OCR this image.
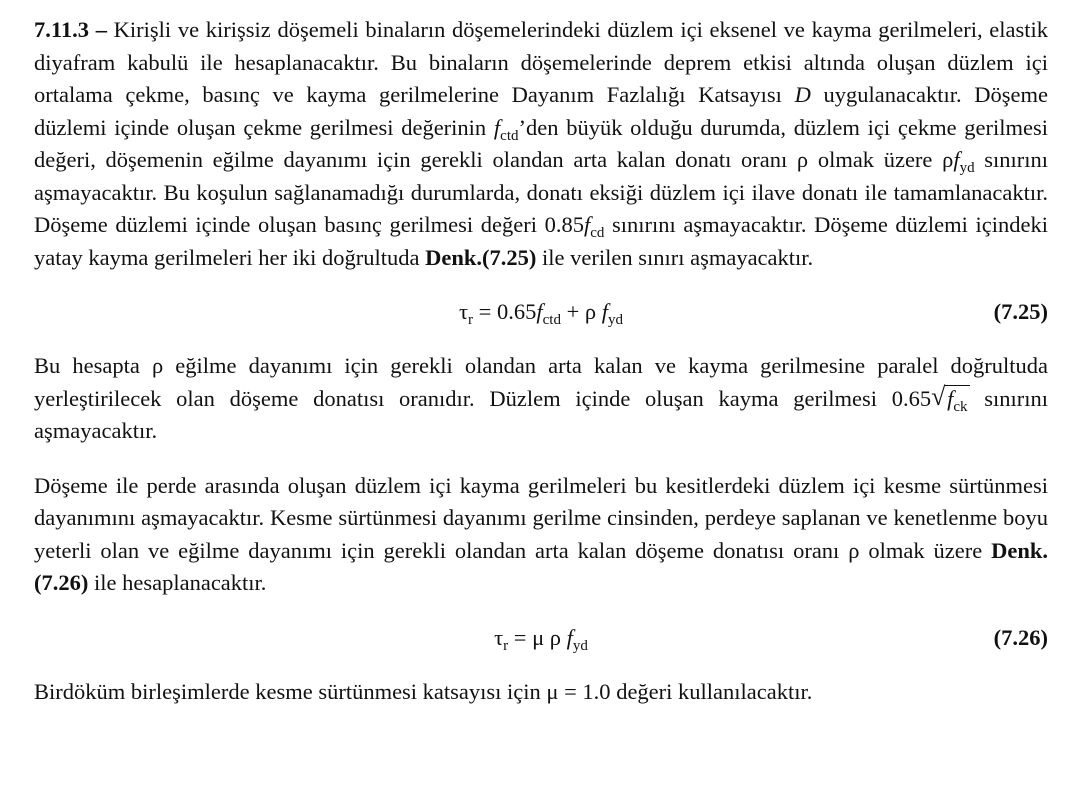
7.11.3 – Kirişli ve kirişsiz döşemeli binaların döşemelerindeki düzlem içi eksenel ve kayma gerilmeleri, elastik diyafram kabulü ile hesaplanacaktır. Bu binaların döşemelerinde deprem etkisi altında oluşan düzlem içi ortalama çekme, basınç ve kayma gerilmelerine Dayanım Fazlalığı Katsayısı D uygulanacaktır. Döşeme düzlemi içinde oluşan çekme gerilmesi değerinin $f_{ctd}’den$ büyük olduğu durumda, düzlem içi çekme gerilmesi değeri, döşemenin eğilme dayanımı için gerekli olandan arta kalan donatı oranı ρ olmak üzere $\rho f_{yd}$ sınırını aşmayacaktır. Bu koşulun sağlanamadığı durumlarda, donatı eksiği düzlem içi ilave donatı ile tamamlanacaktır. Döşeme düzlemi içinde oluşan basınç gerilmesi değeri $0.85f_{cd}$ sınırını aşmayacaktır. Döşeme düzlemi içindeki yatay kayma gerilmeleri her iki doğrultuda Denk.(7.25) ile verilen sınırı aşmayacaktır.

$\tau_r = 0.65f_{ctd} + \rho$ $f_{yd}$	(7.25)

Bu hesapta ρ eğilme dayanımı için gerekli olandan arta kalan ve kayma gerilmesine paralel doğrultuda yerleştirilecek olan döşeme donatısı oranıdır. Düzlem içinde oluşan kayma gerilmesi 0.65 √ $f_{ck}$ sınırını aşmayacaktır.

Döşeme ile perde arasında oluşan düzlem içi kayma gerilmeleri bu kesitlerdeki düzlem içi kesme sürtünmesi dayanımını aşmayacaktır. Kesme sürtünmesi dayanımı gerilme cinsinden, perdeye saplanan ve kenetlenme boyu yeterli olan ve eğilme dayanımı için gerekli olandan arta kalan döşeme donatısı oranı ρ olmak üzere Denk.(7.26) ile hesaplanacaktır.

$\tau_r = \mu$ ρ $f_{yd}$	(7.26)

Birdöküm birleşimlerde kesme sürtünmesi katsayısı için μ = 1.0 değeri kullanılacaktır.
